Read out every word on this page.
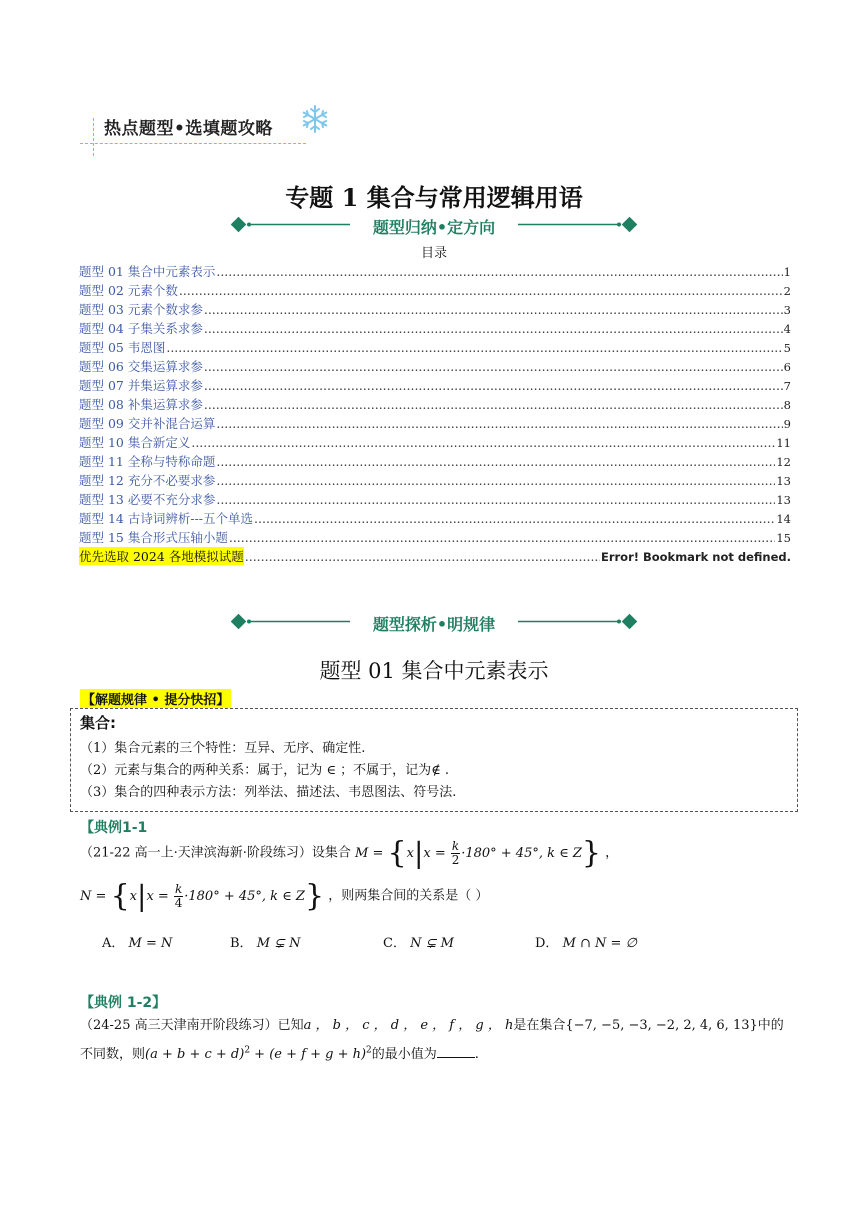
热点题型•选填题攻略
专题 1 集合与常用逻辑用语
题型归纳•定方向
目录
题型 01 集合中元素表示 .....	1
题型 02 元素个数 .....	2
题型 03 元素个数求参 .....	3
题型 04 子集关系求参 .....	4
题型 05 韦恩图 .....	5
题型 06 交集运算求参 .....	6
题型 07 并集运算求参 .....	7
题型 08 补集运算求参 .....	8
题型 09 交并补混合运算 .....	9
题型 10 集合新定义 .....	11
题型 11 全称与特称命题 .....	12
题型 12 充分不必要求参 .....	13
题型 13 必要不充分求参 .....	13
题型 14 古诗词辨析---五个单选 .....	14
题型 15 集合形式压轴小题 .....	15
优先选取 2024 各地模拟试题 .....	Error! Bookmark not defined.
题型探析•明规律
题型 01 集合中元素表示
【解题规律 • 提分快招】
集合:
（1）集合元素的三个特性：互异、无序、确定性.
（2）元素与集合的两种关系：属于，记为 ∈ ；不属于，记为∉ .
（3）集合的四种表示方法：列举法、描述法、韦恩图法、符号法.
【典例1-1
（21-22 高一上·天津滨海新·阶段练习）设集合 $M = \{x|x = \frac{k}{2} \cdot 180^\circ + 45^\circ$, k ∈ Z} ，
$N = \{x|x = \frac{k}{4} \cdot 180^\circ + 45^\circ$, k ∈ Z} ，则两集合间的关系是（ ）
A． M = N	B． M ⊊ N	C． N ⊊ M	D． M ∩ N = ∅
【典例 1-2】
（24-25 高三天津南开阶段练习）已知a ， b ， c ， d ， e ， f ， g ， h是在集合{−7, −5, −3, −2, 2, 4, 6, 13}中的
不同数，则$(a + b + c + d)^2 + (e + f + g + h)^2$的最小值为	.
